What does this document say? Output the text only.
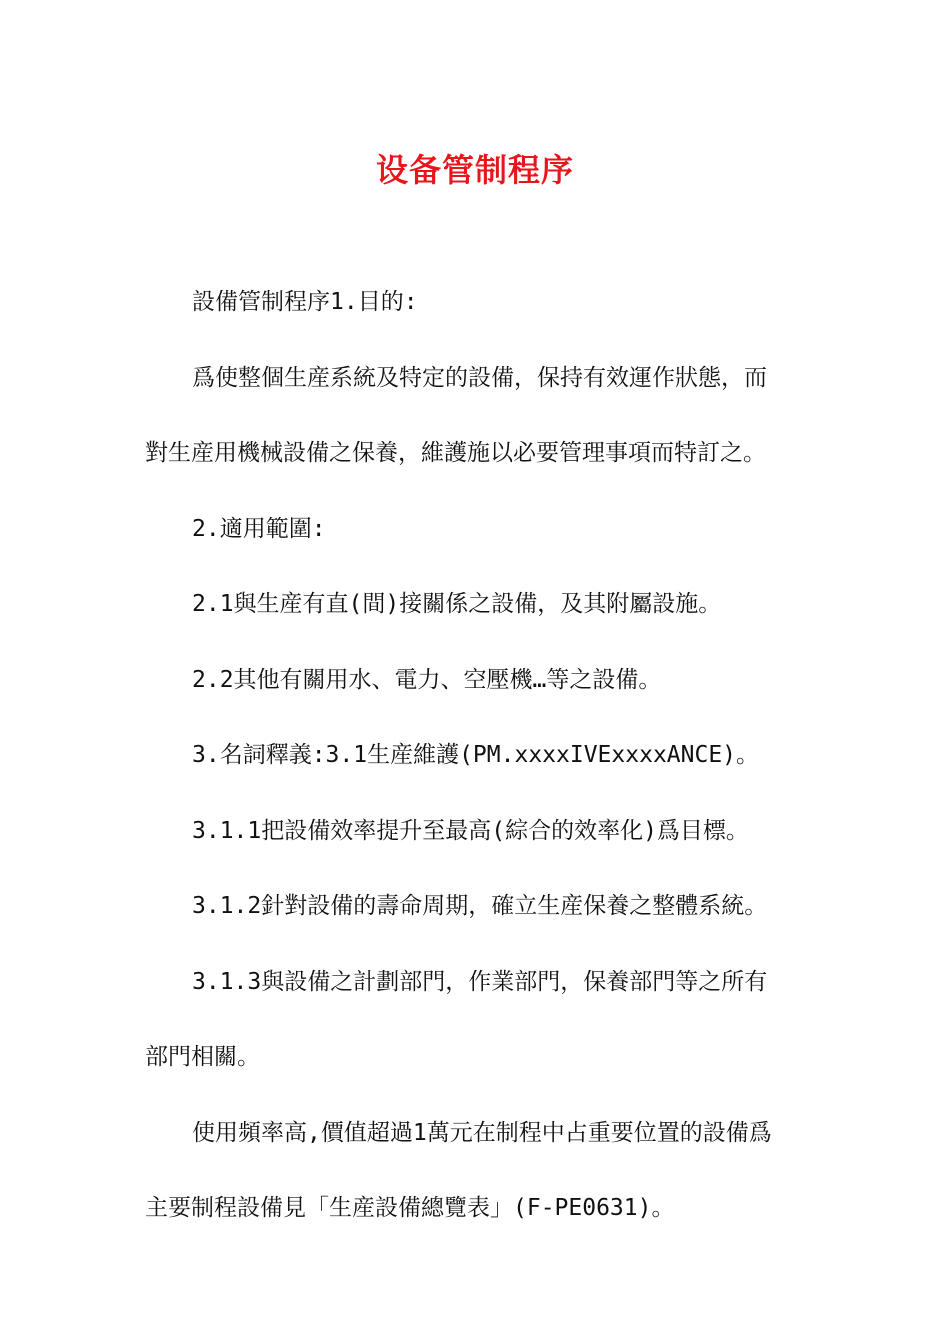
设备管制程序
設備管制程序1.目的:
爲使整個生産系統及特定的設備，保持有效運作狀態，而
對生産用機械設備之保養，維護施以必要管理事項而特訂之。
2.適用範圍:
2.1與生産有直(間)接關係之設備，及其附屬設施。
2.2其他有關用水、電力、空壓機…等之設備。
3.名詞釋義:3.1生産維護(PM.xxxxIVExxxxANCE)。
3.1.1把設備效率提升至最高(綜合的效率化)爲目標。
3.1.2針對設備的壽命周期，確立生産保養之整體系統。
3.1.3與設備之計劃部門，作業部門，保養部門等之所有
部門相關。
使用頻率高,價值超過1萬元在制程中占重要位置的設備爲
主要制程設備見「生産設備總覽表」(F-PE0631)。
